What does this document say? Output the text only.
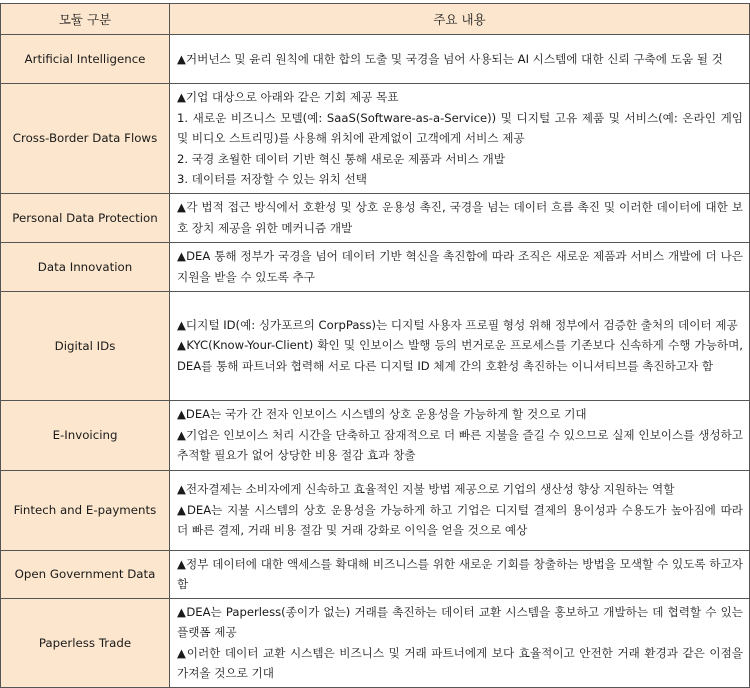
모듈 구분	주요 내용
Artificial Intelligence	▲거버넌스 및 윤리 원칙에 대한 합의 도출 및 국경을 넘어 사용되는 AI 시스템에 대한 신뢰 구축에 도움 될 것

Cross-Border Data Flows	▲기업 대상으로 아래와 같은 기회 제공 목표
1. 새로운 비즈니스 모델(예: SaaS(Software-as-a-Service)) 및 디지털 고유 제품 및 서비스(예: 온라인 게임 및 비디오 스트리밍)를 사용해 위치에 관계없이 고객에게 서비스 제공
2. 국경 초월한 데이터 기반 혁신 통해 새로운 제품과 서비스 개발
3. 데이터를 저장할 수 있는 위치 선택

Personal Data Protection	▲각 법적 접근 방식에서 호환성 및 상호 운용성 촉진, 국경을 넘는 데이터 흐름 촉진 및 이러한 데이터에 대한 보호 장치 제공을 위한 메커니즘 개발

Data Innovation	▲DEA 통해 정부가 국경을 넘어 데이터 기반 혁신을 촉진함에 따라 조직은 새로운 제품과 서비스 개발에 더 나은 지원을 받을 수 있도록 추구

Digital IDs	▲디지털 ID(예: 싱가포르의 CorpPass)는 디지털 사용자 프로필 형성 위해 정부에서 검증한 출처의 데이터 제공
▲KYC(Know-Your-Client) 확인 및 인보이스 발행 등의 번거로운 프로세스를 기존보다 신속하게 수행 가능하며, DEA를 통해 파트너와 협력해 서로 다른 디지털 ID 체계 간의 호환성 촉진하는 이니셔티브를 촉진하고자 함

E-Invoicing	▲DEA는 국가 간 전자 인보이스 시스템의 상호 운용성을 가능하게 할 것으로 기대
▲기업은 인보이스 처리 시간을 단축하고 잠재적으로 더 빠른 지불을 즐길 수 있으므로 실제 인보이스를 생성하고 추적할 필요가 없어 상당한 비용 절감 효과 창출

Fintech and E-payments	▲전자결제는 소비자에게 신속하고 효율적인 지불 방법 제공으로 기업의 생산성 향상 지원하는 역할
▲DEA는 지불 시스템의 상호 운용성을 가능하게 하고 기업은 디지털 결제의 용이성과 수용도가 높아짐에 따라 더 빠른 결제, 거래 비용 절감 및 거래 강화로 이익을 얻을 것으로 예상

Open Government Data	▲정부 데이터에 대한 액세스를 확대해 비즈니스를 위한 새로운 기회를 창출하는 방법을 모색할 수 있도록 하고자 함

Paperless Trade	▲DEA는 Paperless(종이가 없는) 거래를 촉진하는 데이터 교환 시스템을 홍보하고 개발하는 데 협력할 수 있는 플랫폼 제공
▲이러한 데이터 교환 시스템은 비즈니스 및 거래 파트너에게 보다 효율적이고 안전한 거래 환경과 같은 이점을 가져올 것으로 기대
